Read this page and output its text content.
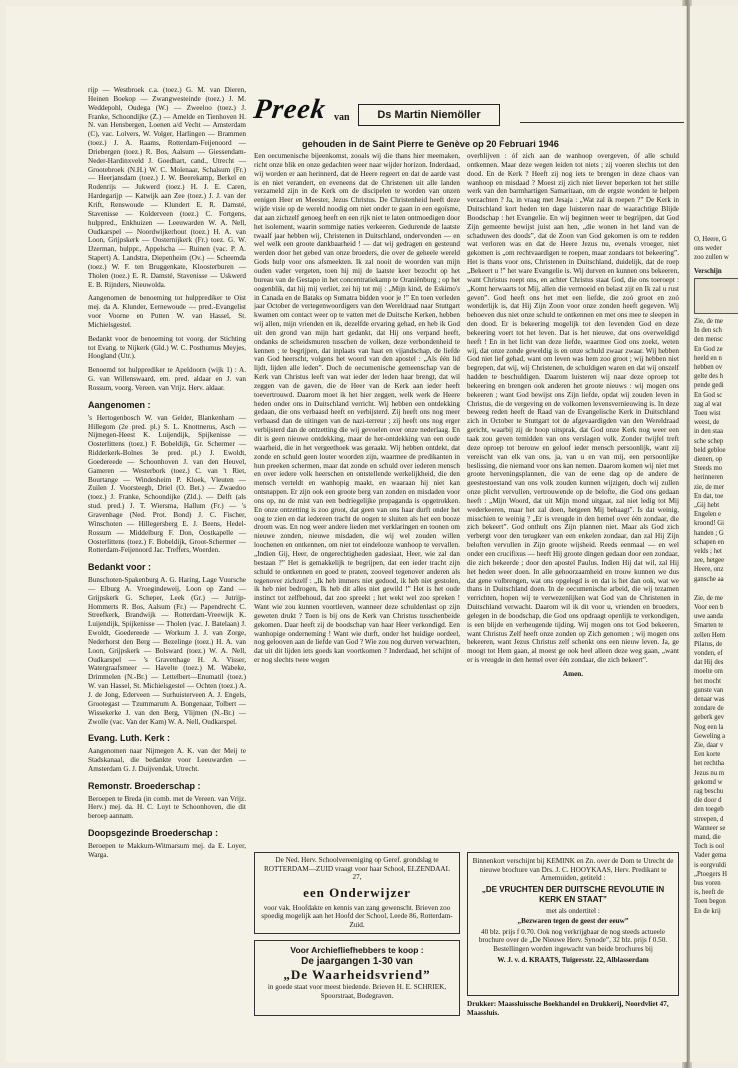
rijp — Westbroek c.a. (toez.) G. M. van Dieren, Heinen Boekop — Zwangwesteinde (toez.) J. M. Weddepohl, Oudega (W.) — Zweeloo (toez.) J. Franke, Schoondijke (Z.) — Amelde en Tienhoven H. N. van Hensbergen, Loenen a/d Vecht — Amsterdam (C), vac. Lolvers, W. Volger, Harlingen — Brammen (toez.) J. A. Raams, Rotterdam-Feijenoord — Driebergen (toez.) R. Bos, Aalsum — Giessendam-Neder-Hardinxveld J. Goedhart, cand., Utrecht — Grootebroek (N.H.) W. C. Molenaar, Schalsum (Fr.) — Heerjansdam (toez.) J. W. Beerekamp, Berkel en Rodenrijs — Jukwerd (toez.) H. J. E. Caren, Hardegarijp — Katwijk aan Zee (toez.) J. J. van der Krift, Renswoude — Klundert E. R. Damsté, Stavenisse — Kolderveen (toez.) C. Fortgens, hulppred., Enkhuizen — Leeuwarden W. A. Nell, Oudkarspel — Noordwijkerhout (toez.) H. A. van Loon, Grijpskerk — Oosternijkerk (Fr.) toez. G. W. IJzerman, hulppr., Appelscha — Ruinen (vac. P. A. Stapert) A. Landstra, Diepenheim (Ov.) — Scheemda (toez.) W. F. ten Bruggenkate, Kloosterburen — Tholen (toez.) E. R. Damsté, Stavenisse — Uskwerd E. B. Rijnders, Nieuwolda.

Aangenomen de benoeming tot hulpprediker te Oist mej. da A. Klunder, Eernewoude — pred.-Evangelist voor Voorne en Putten W. van Hassel, St. Michielsgestel.

Bedankt voor de benoeming tot voorg. der Stichting tot Evang. te Nijkerk (Gld.) W. C. Posthumus Meyjes, Hoogland (Utr.).

Benoemd tot hulpprediker te Apeldoorn (wijk 1) : A. G. van Willenswaard, em. pred. aldaar en J. van Rossum, voorg. Vereen. van Vrijz. Herv. aldaar.

Aangenomen :

's Hertogenbosch W. van Gelder, Blankenham — Hillegom (2e pred. pl.) S. L. Knottnerus, Asch — Nijmegen-Heest K. Luijendijk, Spijkenisse — Oosterlittens (toez.) F. Bobeldijk, Gr. Schermer — Ridderkerk-Bolnes 3e pred. pl.) J. Ewoldt, Goedereede — Schoonhoven J. van den Heuvel, Gameren — Westerbork (toez.) C. van 't Riet, Bourtange — Windesheim P. Kloek, Vleuten — Zuilen J. Voorsteegh, Driel (O. Bet.) — Zwaedoo (toez.) J. Franke, Schoondijke (Zld.). — Delft (als stud. pred.) J. T. Wiersma, Hallum (Fr.) — 's Gravenhage (Ned. Prot. Bond) J. C. Fischer, Winschoten — Hillegersberg E. J. Beens, Hedel-Rossum — Middelburg F. Don, Oostkapelle — Oosterlittens (toez.) F. Bobeldijk, Groot-Schermer — Rotterdam-Feijenoord Jac. Treffers, Woerden.

Bedankt voor :

Bunschoten-Spakenburg A. G. Haring, Lage Vuursche — Elburg A. Vroegindeweij, Loon op Zand — Grijpskerk G. Scheper, Leek (Gr.) — Jutrijp-Hommerts R. Bos, Aalsum (Fr.) — Papendrecht C. Streefkerk, Brandwijk — Rotterdam-Vreewijk K. Luijendijk, Spijkenisse — Tholen (vac. J. Batelaan) J. Ewoldt, Goedereede — Workum J. J. van Zorge, Nederhorst den Berg — Bezelinge (toez.) H. A. van Loon, Grijpskerk — Bolsward (toez.) W. A. Nell, Oudkarspel — 's Gravenhage H. A. Visser, Watergraafsmeer — Havelte (toez.) M. Wabeke, Drimmelen (N.-Br.) — Lettelbert—Enumatil (toez.) W. van Hassel, St. Michielsgestel — Ochten (toez.) A. J. de Jong, Ederveen — Surhuisterveen A. J. Engels, Grootegast — Tzummarum A. Bongenaar, Tolbert — Wissekerke J. van den Berg, Vlijmen (N.-Br.) — Zwolle (vac. Van der Kam) W. A. Nell, Oudkarspel.

Evang. Luth. Kerk :

Aangenomen naar Nijmegen A. K. van der Meij te Stadskanaal, die bedankte voor Leeuwarden — Amsterdam G. J. Duijvendak, Utrecht.

Remonstr. Broederschap :

Beroepen te Breda (in comb. met de Vereen. van Vrijz. Herv.) mej. da. H. C. Luyt te Schoonhoven, die dit beroep aannam.

Doopsgezinde Broederschap :

Beroepen te Makkum-Witmarsum mej. da E. Loyer, Warga.

Preek van	Ds Martin Niemöller
gehouden in de Saint Pierre te Genève op 20 Februari 1946

Een oecumenische bijeenkomst, zooals wij die thans hier meemaken, richt onze blik en onze gedachten weer naar wijder horizon. Inderdaad, wij worden er aan herinnerd, dat de Heere regeert en dat de aarde vast is en niet verandert, en eveneens dat de Christenen uit alle landen verzameld zijn in de Kerk om de discipelen te worden van onzen eenigen Heer en Meester, Jezus Christus. De Christenheid heeft deze wijde visie op de wereld noodig om niet onder te gaan in een egoïsme, dat aan zichzelf genoeg heeft en een rijk niet te laten ontmoedigen door het isolement, waarin sommige naties verkeeren. Gedurende de laatste twaalf jaar hebben wij, Christenen in Duitschland, ondervonden — en wel welk een groote dankbaarheid ! — dat wij gedragen en gesteund werden door het gebed van onze broeders, die over de geheele wereld Gods hulp voor ons afsmeekten. Ik zal nooit de woorden van mijn ouden vader vergeten, toen hij mij de laatste keer bezocht op het bureau van de Gestapo in het concentratiekamp te Oraniënburg ; op het oogenblik, dat hij mij verliet, zei hij tot mij : „Mijn kind, de Eskimo's in Canada en de Bataks op Sumatra bidden voor je !” En toen verleden jaar October de vertegenwoordigers van den Wereldraad naar Stuttgart kwamen om contact weer op te vatten met de Duitsche Kerken, hebben wij allen, mijn vrienden en ik, dezelfde ervaring gehad, en heb ik God uit den grond van mijn hart gedankt, dat Hij ons verpand heeft, ondanks de scheidsmuren tusschen de volken, deze verbondenheid te kennen ; te begrijpen, dat inplaats van haat en vijandschap, de liefde van God heerscht, volgens het woord van den apostel : „Als één lid lijdt, lijden alle leden”. Doch de oecumenische gemeenschap van de Kerk van Christus leeft van wat ieder der leden haar brengt, dat wil zeggen van de gaven, die de Heer van de Kerk aan ieder heeft toevertrouwd. Daarom moet ik het hier zeggen, welk werk de Heere heden onder ons in Duitschland verricht. Wij hebben een ontdekking gedaan, die ons verbaasd heeft en verbijsterd. Zij heeft ons nog meer verbaasd dan de uitingen van de nazi-terreur ; zij heeft ons nog erger verbijsterd dan de ontzetting die wij gevoelen over onze nederlaag. En dit is geen nieuwe ontdekking, maar de her-ontdekking van een oude waarheid, die in het vergeethoek was geraakt. Wij hebben ontdekt, dat zonde en schuld geen louter woorden zijn, waarmee de predikanten in hun preeken schermen, maar dat zonde en schuld over iederen mensch en over iedere volk heerschen en ontstellende werkelijkheid, die den mensch verteldt en wanhopig maakt, en waaraan hij niet kan ontsnappen. Er zijn ook een groote berg van zonden en misdaden voor ons op, nu de mist van een bedriegelijke propaganda is opgetrokken. En onze ontzetting is zoo groot, dat geen van ons haar durft onder het oog te zien en dat iedereen tracht de oogen te sluiten als het een booze droom was. En nog weer andere lieden met verklaringen en toonen om nieuwe zonden, nieuwe misdaden, die wij wel zouden willen loochenen en ontkennen, om niet tot eindelooze wanhoop te vervallen. „Indien Gij, Heer, de ongerechtigheden gadesiaat, Heer, wie zal dan bestaan ?” Het is gemakkelijk te begrijpen, dat een ieder tracht zijn schuld te ontkennen en goed te praten, zooveel tegenover anderen als tegenover zichzelf : „Ik heb immers niet gedood, ik heb niet gestolen, ik heb niet bedrogen, Ik heb dit alles niet gewild !” Het is het oude instinct tot zelfbehoud, dat zoo spreekt ; het wekt wel zoo spreken ! Want wie zou kunnen voortleven, wanneer deze schuldenlast op zijn geweten drukt ? Toen is bij ons de Kerk van Christus tusschenbeide gekomen. Daar heeft zij de boodschap van haar Heer verkondigd. Een wanhopige onderneming ! Want wie durft, onder het huidige oordeel, nog gelooven aan de liefde van God ? Wie zou nog durven verwachten, dat uit dit lijden iets goeds kan voortkomen ? Inderdaad, het schijnt of er nog slechts twee wegen

overblijven : óf zich aan de wanhoop overgeven, óf alle schuld ontkennen. Maar deze wegen leiden tot niets ; zij voeren slechts tot den dood. En de Kerk ? Heeft zij nog iets te brengen in deze chaos van wanhoop en misdaad ? Moest zij zich niet liever beperken tot het stille werk van den barmhartigen Samaritaan, om de ergste wonden te helpen verzachten ? Ja, in vraag met Jesaja : „Wat zal ik roepen ?” De Kerk in Duitschland kort heden ten dage luisteren naar de waarachtige Blijde Boodschap : het Evangelie. En wij beginnen weer te begrijpen, dat God Zijn gemeente bewijst juist aan hen, „die wonen in het land van de schaduwen des doods”, dat de Zoon van God gekomen is om te redden wat verloren was en dat de Heere Jezus nu, evenals vroeger, niet gekomen is „om rechtvaardigen te roepen, maar zondaars tot bekeering”. Het is thans voor ons, Christenen in Duitschland, duidelijk, dat de roep „Bekeert u !” het ware Evangelie is. Wij durven en kunnen ons bekeeren, want Christus roept ons, en achter Christus staat God, die ons toeroept : „Komt herwaarts tot Mij, allen die vermoeid en belast zijt en Ik zal u rust geven”. God heeft ons het met een liefde, die zoó groot en zoó wonderlijk is, dat Hij Zijn Zoon voor onze zonden heeft gegeven. Wij behoeven dus niet onze schuld te ontkennen en met ons mee te sleepen in den dood. Er is bekeering mogelijk tot den levenden God en deze bekeering voert tot het leven. Dat is het nieuwe, dat ons overweldigd heeft ! En in het licht van deze liefde, waarmee God ons zoekt, weten wij, dat onze zonde geweldig is en onze schuld zwaar zwaar. Wij hebben God niet lief gehad, want om leven was hem zoo groot ; wij hebben niet begrepen, dat wij, wij Christenen, de schuldigen waren en dat wij onszelf hadden te beschuldigen. Daarom luisteren wij naar deze oproep tot bekeering en brengen ook anderen het groote nieuws : wij mogen ons bekeeren ; want God bewijst ons Zijn liefde, opdat wij zouden leven in Christus, die de vergeving en de volkomen levensvernieuwing is. In deze beweeg reden heeft de Raad van de Evangelische Kerk in Duitschland zich in October te Stuttgart tot de afgevaardigden van den Wereldraad gericht, waarbij zij de hoop uitsprak, dat God onze Kerk nog weer een taak zou geven temidden van ons verslagen volk. Zonder twijfel treft deze oproep tot berouw en geloof ieder mensch persoonlijk, want zij vereischt van elk van ons, ja, van u en van mij, een persoonlijke beslissing, die niemand voor ons kan nemen. Daarom komen wij niet met groote herveningsplannen, die van de eene dag op de andere de geestestoestand van ons volk zouden kunnen wijzigen, doch wij zullen onze plicht vervullen, vertrouwende op de belofte, die God ons gedaan heeft : „Mijn Woord, dat uit Mijn mond uitgaat, zal niet ledig tot Mij wederkeeren, maar het zal doen, hetgeen Mij behaagt”. Is dat weinig, misschien te weinig ? „Er is vreugde in den hemel over één zondaar, die zich bekeert”. God onthult ons Zijn plannen niet. Maar als God zich verbergt voor den terugkeer van een enkelen zondaar, dan zal Hij Zijn beloften vervullen in Zijn groote wijsheid. Reeds eenmaal — en wel onder een crucifixus — heeft Hij groote dingen gedaan door een zondaar, die zich bekeerde ; door den apostel Paulus. Indien Hij dat wil, zal Hij het heden weer doen. In alle gehoorzaamheid en trouw kunnen we dus dat gene volbrengen, wat ons opgelegd is en dat is het dan ook, wat we thans in Duitschland doen. In de oecumenische arbeid, die wij tezamen verrichten, hopen wij te verwezenlijken wat God van de Christenen in Duitschland verwacht. Daarom wil ik dit voor u, vrienden en broeders, gelegen in de boodschap, die God ons opdraagt openlijk te verkondigen, is een blijde en verheugende tijding. Wij mogen ons tot God bekeeren, want Christus Zelf heeft onze zonden op Zich genomen ; wij mogen ons bekeeren, want Jezus Christus zelf schenkt ons een nieuw leven. Ja, ge moogt tot Hem gaan, al moest ge ook heel alleen deze weg gaan, „want er is vreugde in den hemel over één zondaar, die zich bekeert”.

Amen.
De Ned. Herv. Schoolvereeniging op Geref. grondslag te ROTTERDAM—ZUID vraagt voor haar School, ELZENDAAL 27,
een Onderwijzer
voor vak. Hoofdakte en kennis van zang gewenscht. Brieven zoo spoedig mogelijk aan het Hoofd der School, Leede 86, Rotterdam-Zuid.
Voor Archiefliefhebbers te koop :
De jaargangen 1-30 van
„De Waarheidsvriend”
in goede staat voor meest biedende. Brieven H. E. SCHRIEK, Spoorstraat, Bodegraven.
Binnenkort verschijnt bij KEMINK en Zn. over de Dom te Utrecht de nieuwe brochure van Drs. J. C. HOOYKAAS, Herv. Predikant te Arnemuiden, getiteld :
„DE VRUCHTEN DER DUITSCHE REVOLUTIE IN KERK EN STAAT”
met als ondertitel :
„Bezwaren tegen de geest der eeuw”
40 blz. prijs f 0.70. Ook nog verkrijgbaar de nog steeds actueele brochure over de „De Nieuwe Herv. Synode”, 32 blz. prijs f 0.50. Bestellingen worden ingewacht van beide brochures bij
W. J. v. d. KRAATS, Tuigersstr. 22, Alblasserdam
Drukker: Maassluissche Boekhandel en Drukkerij, Noordvliet 47, Maassluis.
O, Heere, G
ons weder
zoo zullen w
Verschijn
Zie, de me
In den sch
den mensc
En God ze
heeld en n
hebben ov
gelte des h
pende gedi
En God sc
zag al wat
Toen wist
weest, de
in den staa
sche schep
beld gebloe
dienen, op
Steeds mo
herinneren
zie, de mer
En dat, toe
„Gij hebt
Engelen e
kroond! Gi
handen ; G
schapen en
velds ; het
zee, hetgee
Heere, onz
gansche aa
Zie, de me
Voor een b
uwe aanda
Smarten te
zellen Hem
Pilatus, de
vonden, ef
dat Hij des
moelte om
het mocht
gunste van
denaar was
zondare de
geberk gev
Nog een la
Geweling a
Zie, daar v
Een korte
het rechtha
Jezus nu m
gekomd w
rag beschu
die door d
den toegeb
streepen, d
Wanneer se
mand, die
Toch is ool
Vader gema
is eorgvuldi
„Ptoegers H
bus voren
is, heeft de
Toen begon
En de krij
